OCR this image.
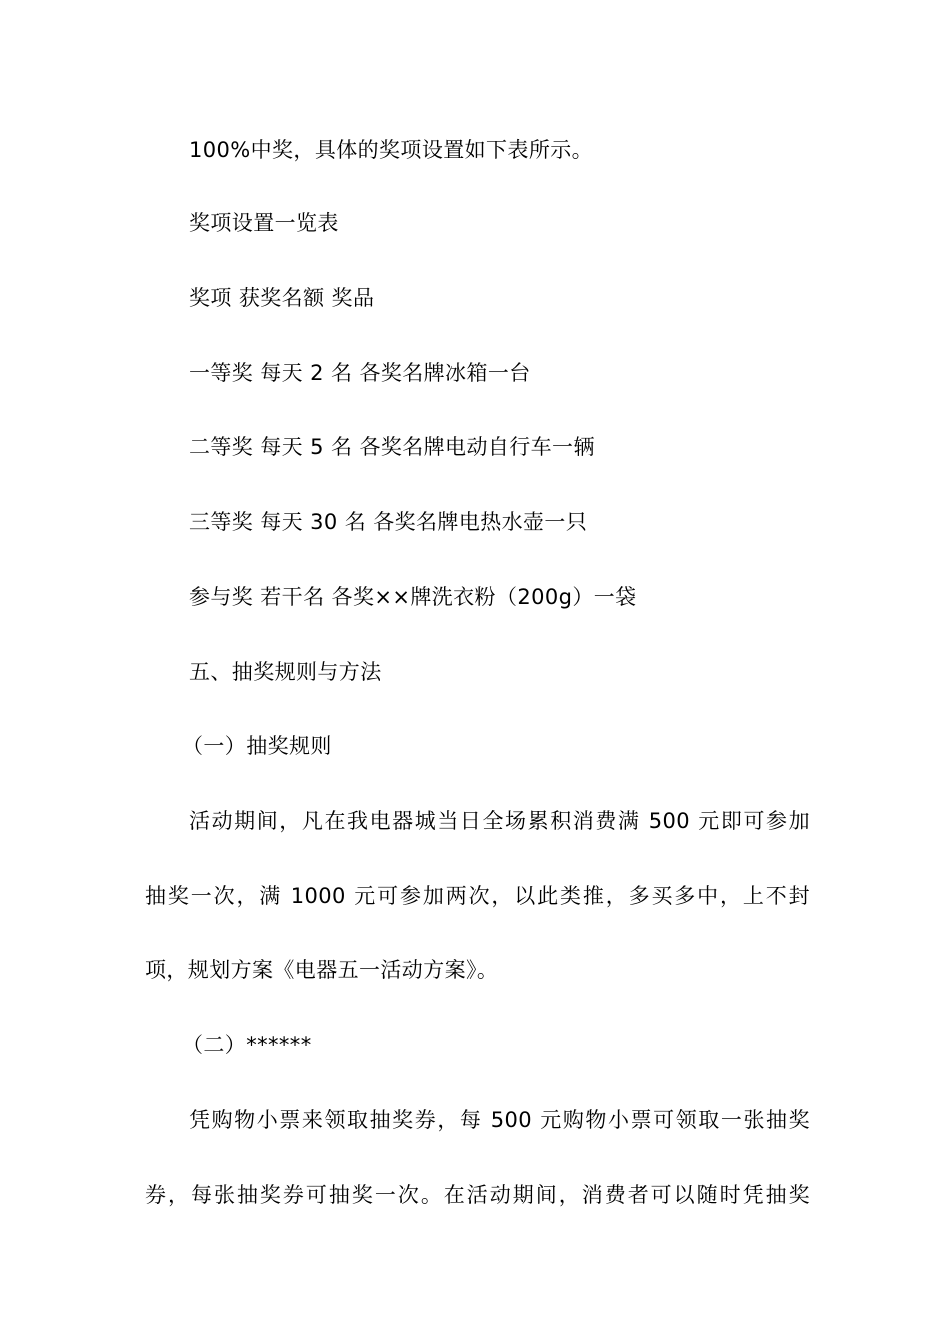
100%中奖，具体的奖项设置如下表所示。
奖项设置一览表
奖项 获奖名额 奖品
一等奖 每天 2 名 各奖名牌冰箱一台
二等奖 每天 5 名 各奖名牌电动自行车一辆
三等奖 每天 30 名 各奖名牌电热水壶一只
参与奖 若干名 各奖××牌洗衣粉（200g）一袋
五、抽奖规则与方法
（一）抽奖规则
活动期间，凡在我电器城当日全场累积消费满 500 元即可参加
抽奖一次，满 1000 元可参加两次，以此类推，多买多中，上不封
项，规划方案《电器五一活动方案》。
（二）******
凭购物小票来领取抽奖券，每 500 元购物小票可领取一张抽奖
券，每张抽奖券可抽奖一次。在活动期间，消费者可以随时凭抽奖
